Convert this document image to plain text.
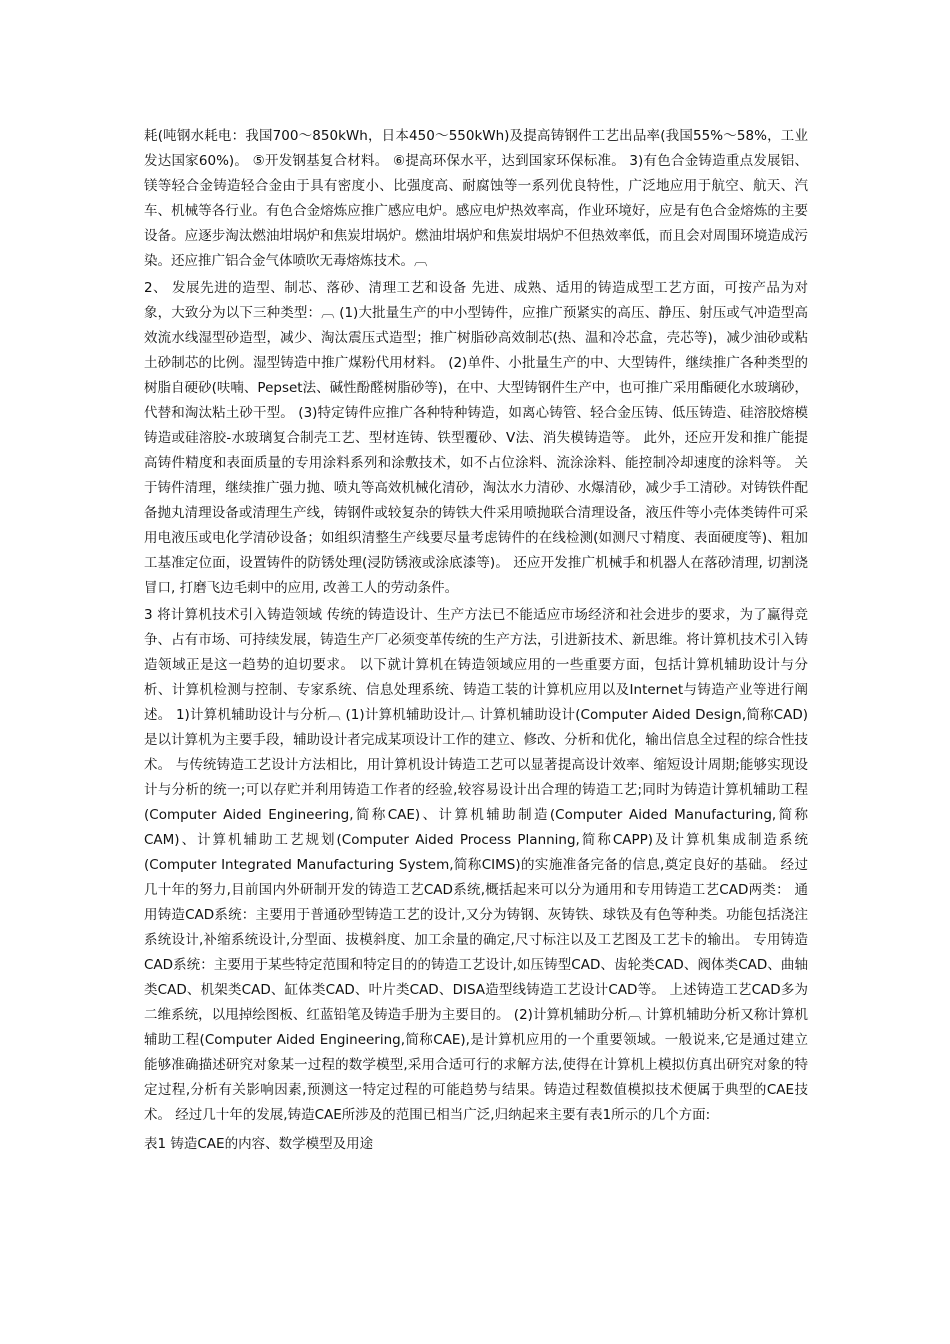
耗(吨钢水耗电：我国700～850kWh，日本450～550kWh)及提高铸钢件工艺出品率(我国55%～58%，工业发达国家60%)。 ⑤开发钢基复合材料。 ⑥提高环保水平，达到国家环保标准。 3)有色合金铸造重点发展铝、镁等轻合金铸造轻合金由于具有密度小、比强度高、耐腐蚀等一系列优良特性，广泛地应用于航空、航天、汽车、机械等各行业。有色合金熔炼应推广感应电炉。感应电炉热效率高，作业环境好，应是有色合金熔炼的主要设备。应逐步淘汰燃油坩埚炉和焦炭坩埚炉。燃油坩埚炉和焦炭坩埚炉不但热效率低，而且会对周围环境造成污染。还应推广铝合金气体喷吹无毒熔炼技术。︹

2、 发展先进的造型、制芯、落砂、清理工艺和设备 先进、成熟、适用的铸造成型工艺方面，可按产品为对象，大致分为以下三种类型：︹ (1)大批量生产的中小型铸件，应推广预紧实的高压、静压、射压或气冲造型高效流水线湿型砂造型，减少、淘汰震压式造型；推广树脂砂高效制芯(热、温和冷芯盒，壳芯等)，减少油砂或粘土砂制芯的比例。湿型铸造中推广煤粉代用材料。 (2)单件、小批量生产的中、大型铸件，继续推广各种类型的树脂自硬砂(呋喃、Pepset法、碱性酚醛树脂砂等)，在中、大型铸钢件生产中，也可推广采用酯硬化水玻璃砂，代替和淘汰粘土砂干型。 (3)特定铸件应推广各种特种铸造，如离心铸管、轻合金压铸、低压铸造、硅溶胶熔模铸造或硅溶胶-水玻璃复合制壳工艺、型材连铸、铁型覆砂、V法、消失模铸造等。 此外，还应开发和推广能提高铸件精度和表面质量的专用涂料系列和涂敷技术，如不占位涂料、流涂涂料、能控制冷却速度的涂料等。 关于铸件清理，继续推广强力抛、喷丸等高效机械化清砂，淘汰水力清砂、水爆清砂，减少手工清砂。对铸铁件配备抛丸清理设备或清理生产线，铸钢件或较复杂的铸铁大件采用喷抛联合清理设备，液压件等小壳体类铸件可采用电液压或电化学清砂设备；如组织清整生产线要尽量考虑铸件的在线检测(如测尺寸精度、表面硬度等)、粗加工基准定位面，设置铸件的防锈处理(浸防锈液或涂底漆等)。 还应开发推广机械手和机器人在落砂清理, 切割浇冒口, 打磨飞边毛刺中的应用, 改善工人的劳动条件。

3 将计算机技术引入铸造领域 传统的铸造设计、生产方法已不能适应市场经济和社会进步的要求，为了赢得竞争、占有市场、可持续发展，铸造生产厂必须变革传统的生产方法，引进新技术、新思维。将计算机技术引入铸造领域正是这一趋势的迫切要求。 以下就计算机在铸造领域应用的一些重要方面，包括计算机辅助设计与分析、计算机检测与控制、专家系统、信息处理系统、铸造工装的计算机应用以及Internet与铸造产业等进行阐述。 1)计算机辅助设计与分析︹ (1)计算机辅助设计︹ 计算机辅助设计(Computer Aided Design,简称CAD)是以计算机为主要手段，辅助设计者完成某项设计工作的建立、修改、分析和优化，输出信息全过程的综合性技术。 与传统铸造工艺设计方法相比，用计算机设计铸造工艺可以显著提高设计效率、缩短设计周期;能够实现设计与分析的统一;可以存贮并利用铸造工作者的经验,较容易设计出合理的铸造工艺;同时为铸造计算机辅助工程(Computer Aided Engineering,简称CAE)、计算机辅助制造(Computer Aided Manufacturing,简称CAM)、计算机辅助工艺规划(Computer Aided Process Planning,简称CAPP)及计算机集成制造系统(Computer Integrated Manufacturing System,简称CIMS)的实施准备完备的信息,奠定良好的基础。 经过几十年的努力,目前国内外研制开发的铸造工艺CAD系统,概括起来可以分为通用和专用铸造工艺CAD两类： 通用铸造CAD系统：主要用于普通砂型铸造工艺的设计,又分为铸钢、灰铸铁、球铁及有色等种类。功能包括浇注系统设计,补缩系统设计,分型面、拔模斜度、加工余量的确定,尺寸标注以及工艺图及工艺卡的输出。 专用铸造CAD系统：主要用于某些特定范围和特定目的的铸造工艺设计,如压铸型CAD、齿轮类CAD、阀体类CAD、曲轴类CAD、机架类CAD、缸体类CAD、叶片类CAD、DISA造型线铸造工艺设计CAD等。 上述铸造工艺CAD多为二维系统，以甩掉绘图板、红蓝铅笔及铸造手册为主要目的。 (2)计算机辅助分析︹ 计算机辅助分析又称计算机辅助工程(Computer Aided Engineering,简称CAE),是计算机应用的一个重要领域。一般说来,它是通过建立能够准确描述研究对象某一过程的数学模型,采用合适可行的求解方法,使得在计算机上模拟仿真出研究对象的特定过程,分析有关影响因素,预测这一特定过程的可能趋势与结果。铸造过程数值模拟技术便属于典型的CAE技术。 经过几十年的发展,铸造CAE所涉及的范围已相当广泛,归纳起来主要有表1所示的几个方面:

表1 铸造CAE的内容、数学模型及用途
